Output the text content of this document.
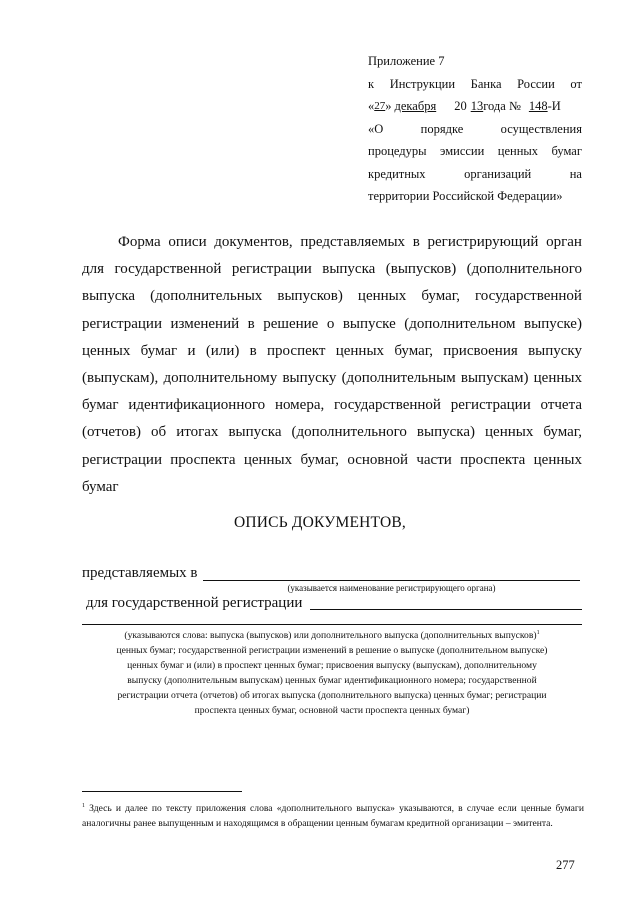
Приложение 7
к Инструкции Банка России от
« 27 » декабря	20 13 года № 148 -И
«О	порядке	осуществления
процедуры эмиссии ценных бумаг
кредитных	организаций	на
территории Российской Федерации»
Форма описи документов, представляемых в регистрирующий орган
для государственной регистрации выпуска (выпусков) (дополнительного
выпуска (дополнительных выпусков) ценных бумаг, государственной
регистрации изменений в решение о выпуске (дополнительном выпуске)
ценных бумаг и (или) в проспект ценных бумаг, присвоения выпуску
(выпускам), дополнительному выпуску (дополнительным выпускам) ценных
бумаг идентификационного номера, государственной регистрации отчета
(отчетов) об итогах выпуска (дополнительного выпуска) ценных бумаг,
регистрации проспекта ценных бумаг, основной части проспекта ценных
бумаг
ОПИСЬ ДОКУМЕНТОВ,
представляемых в
(указывается наименование регистрирующего органа)
для государственной регистрации
(указываются слова: выпуска (выпусков) или дополнительного выпуска (дополнительных выпусков)$^1$
ценных бумаг; государственной регистрации изменений в решение о выпуске (дополнительном выпуске)
ценных бумаг и (или) в проспект ценных бумаг; присвоения выпуску (выпускам), дополнительному
выпуску (дополнительным выпускам) ценных бумаг идентификационного номера; государственной
регистрации отчета (отчетов) об итогах выпуска (дополнительного выпуска) ценных бумаг; регистрации
проспекта ценных бумаг, основной части проспекта ценных бумаг)
$^1$ Здесь и далее по тексту приложения слова «дополнительного выпуска» указываются, в случае если ценные бумаги аналогичны ранее выпущенным и находящимся в обращении ценным бумагам кредитной организации – эмитента.
277
